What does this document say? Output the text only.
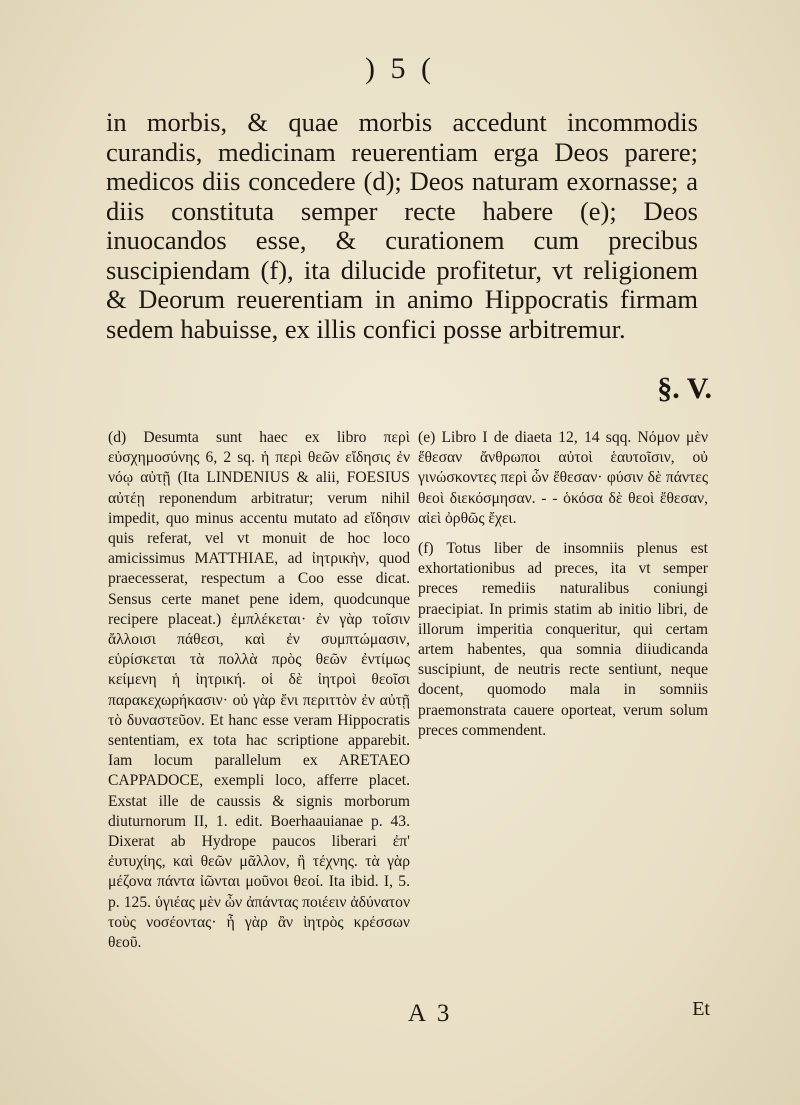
) 5 (

in morbis, & quae morbis accedunt incommodis curandis, medicinam reuerentiam erga Deos parere; medicos diis concedere (d); Deos naturam exornasse; a diis constituta semper recte habere (e); Deos inuocandos esse, & curationem cum precibus suscipiendam (f), ita dilucide profitetur, vt religionem & Deorum reuerentiam in animo Hippocratis firmam sedem habuisse, ex illis confici posse arbitremur.

§. V.

(d) Desumta sunt haec ex libro περὶ εὐσχημοσύνης 6, 2 sq. ἡ περὶ θεῶν εἴδησις ἐν νόῳ αὐτῇ (Ita LINDENIUS & alii, FOESIUS αὐτέῃ reponendum arbitratur; verum nihil impedit, quo minus accentu mutato ad εἴδησιν quis referat, vel vt monuit de hoc loco amicissimus MATTHIAE, ad ἰητρικὴν, quod praecesserat, respectum a Coo esse dicat. Sensus certe manet pene idem, quodcunque recipere placeat.) ἐμπλέκεται· ἐν γὰρ τοῖσιν ἄλλοισι πάθεσι, καὶ ἐν συμπτώμασιν, εὑρίσκεται τὰ πολλὰ πρὸς θεῶν ἐντίμως κείμενη ἡ ἰητρική. οἱ δὲ ἰητροὶ θεοῖσι παρακεχωρήκασιν· οὐ γὰρ ἔνι περιττὸν ἐν αὐτῇ τὸ δυναστεῦον. Et hanc esse veram Hippocratis sententiam, ex tota hac scriptione apparebit. Iam locum parallelum ex ARETAEO CAPPADOCE, exempli loco, afferre placet. Exstat ille de caussis & signis morborum diuturnorum II, 1. edit. Boerhaauianae p. 43. Dixerat ab Hydrope paucos liberari ἐπ' ἐυτυχίης, καὶ θεῶν μᾶλλον, ἢ τέχνης. τὰ γὰρ μέζονα πάντα ἰῶνται μοῦνοι θεοί. Ita ibid. I, 5. p. 125. ὑγιέας μὲν ὦν ἀπάντας ποιέειν ἀδύνατον τοὺς νοσέοντας· ἦ γὰρ ἂν ἰητρὸς κρέσσων θεοῦ.

(e) Libro I de diaeta 12, 14 sqq. Νόμον μὲν ἔθεσαν ἄνθρωποι αὐτοὶ ἑαυτοῖσιν, οὐ γινώσκοντες περὶ ὧν ἔθεσαν· φύσιν δὲ πάντες θεοὶ διεκόσμησαν. - - ὁκόσα δὲ θεοὶ ἔθεσαν, αἰεὶ ὀρθῶς ἔχει.

(f) Totus liber de insomniis plenus est exhortationibus ad preces, ita vt semper preces remediis naturalibus coniungi praecipiat. In primis statim ab initio libri, de illorum imperitia conqueritur, qui certam artem habentes, qua somnia diiudicanda suscipiunt, de neutris recte sentiunt, neque docent, quomodo mala in somniis praemonstrata cauere oporteat, verum solum preces commendent.

A 3	Et
